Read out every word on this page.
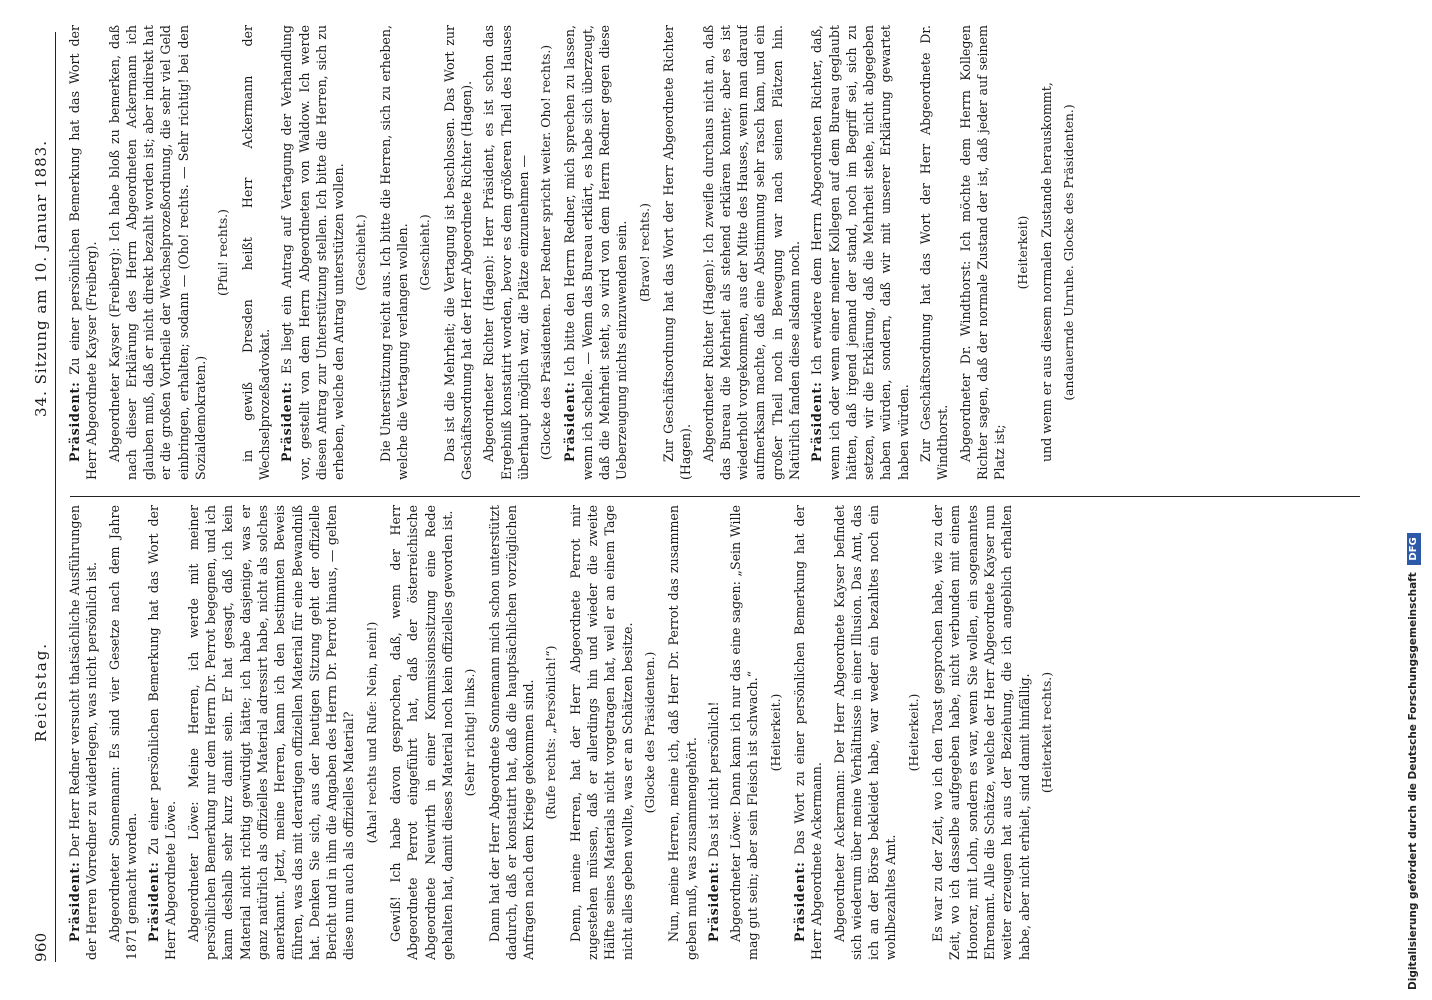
960
Reichstag.
34. Sitzung am 10. Januar 1883.
Präsident: Der Herr Redner versucht thatsächliche Ausführungen der Herren Vorredner zu widerlegen, was nicht persönlich ist. Abgeordneter Sonnemann: Es sind vier Gesetze nach dem Jahre 1871 gemacht worden. Präsident: Zu einer persönlichen Bemerkung hat das Wort der Herr Abgeordnete Löwe. Abgeordneter Löwe: Meine Herren, ich werde mit meiner persönlichen Bemerkung nur dem Herrn Dr. Perrot begegnen, und ich kann deshalb sehr kurz damit sein. Er hat gesagt, daß ich kein Material nicht richtig gewürdigt hätte; ich habe dasjenige, was er ganz natürlich als offizielles Material adressirt habe, nicht als solches anerkannt. Jetzt, meine Herren, kann ich den bestimmten Beweis führen, was das mit derartigen offiziellen Material für eine Bewandniß hat. Denken Sie sich, aus der heutigen Sitzung geht der offizielle Bericht und in ihm die Angaben des Herrn Dr. Perrot hinaus, — gelten diese nun auch als offizielles Material? (Aha! rechts und Rufe: Nein, nein!) Gewiß! Ich habe davon gesprochen, daß, wenn der Herr Abgeordnete Perrot eingeführt hat, daß der österreichische Abgeordnete Neuwirth in einer Kommissionssitzung eine Rede gehalten hat, damit dieses Material noch kein offizielles geworden ist. (Sehr richtig! links.) Dann hat der Herr Abgeordnete Sonnemann mich schon unterstützt dadurch, daß er konstatirt hat, daß die hauptsächlichen vorzüglichen Anfragen nach dem Kriege gekommen sind. (Rufe rechts: „Persönlich!“) Denn, meine Herren, hat der Herr Abgeordnete Perrot mir zugestehen müssen, daß er allerdings hin und wieder die zweite Hälfte seines Materials nicht vorgetragen hat, weil er an einem Tage nicht alles geben wollte, was er an Schätzen besitze. (Glocke des Präsidenten.) Nun, meine Herren, meine ich, daß Herr Dr. Perrot das zusammen geben muß, was zusammengehört. Präsident: Das ist nicht persönlich! Abgeordneter Löwe: Dann kann ich nur das eine sagen: „Sein Wille mag gut sein; aber sein Fleisch ist schwach.“ (Heiterkeit.)
Präsident: Das Wort zu einer persönlichen Bemerkung hat der Herr Abgeordnete Ackermann. Abgeordneter Ackermann: Der Herr Abgeordnete Kayser befindet sich wiederum über meine Verhältnisse in einer Illusion. Das Amt, das ich an der Börse bekleidet habe, war weder ein bezahltes noch ein wohlbezahltes Amt.
(Heiterkeit.) Es war zu der Zeit, wo ich den Toast gesprochen habe, wie zu der Zeit, wo ich dasselbe aufgegeben habe, nicht verbunden mit einem Honorar, mit Lohn, sondern es war, wenn Sie wollen, ein sogenanntes Ehrenamt. Alle die Schätze, welche der Herr Abgeordnete Kayser nun weiter erzeugen hat aus der Beziehung, die ich angeblich erhalten habe, aber nicht erhielt, sind damit hinfällig. (Heiterkeit rechts.)
Präsident: Zu einer persönlichen Bemerkung hat das Wort der Herr Abgeordnete Kayser (Freiberg). Abgeordneter Kayser (Freiberg): Ich habe bloß zu bemerken, daß nach dieser Erklärung des Herrn Abgeordneten Ackermann ich glauben muß, daß er nicht direkt bezahlt worden ist; aber indirekt hat er die großen Vortheile der Wechselprozeßordnung, die sehr viel Geld einbringen, erhalten; sodann — (Oho! rechts. — Sehr richtig! bei den Sozialdemokraten.)
(Pfui! rechts.) in gewiß Dresden heißt Herr Ackermann der Wechselprozeßadvokat. Präsident: Es liegt ein Antrag auf Vertagung der Verhandlung vor, gestellt von dem Herrn Abgeordneten von Waldow. Ich werde diesen Antrag zur Unterstützung stellen. Ich bitte die Herren, sich zu erheben, welche den Antrag unterstützen wollen. (Geschieht.) Die Unterstützung reicht aus. Ich bitte die Herren, sich zu erheben, welche die Vertagung verlangen wollen. (Geschieht.) Das ist die Mehrheit; die Vertagung ist beschlossen. Das Wort zur Geschäftsordnung hat der Herr Abgeordnete Richter (Hagen). Abgeordneter Richter (Hagen): Herr Präsident, es ist schon das Ergebniß konstatirt worden, bevor es dem größeren Theil des Hauses überhaupt möglich war, die Plätze einzunehmen — (Glocke des Präsidenten. Der Redner spricht weiter. Oho! rechts.) Präsident: Ich bitte den Herrn Redner, mich sprechen zu lassen, wenn ich schelle. — Wenn das Bureau erklärt, es habe sich überzeugt, daß die Mehrheit steht, so wird von dem Herrn Redner gegen diese Ueberzeugung nichts einzuwenden sein. (Bravo! rechts.) Zur Geschäftsordnung hat das Wort der Herr Abgeordnete Richter (Hagen). Abgeordneter Richter (Hagen): Ich zweifle durchaus nicht an, daß das Bureau die Mehrheit als stehend erklären konnte; aber es ist wiederholt vorgekommen, aus der Mitte des Hauses, wenn man darauf aufmerksam machte, daß eine Abstimmung sehr rasch kam, und ein großer Theil noch in Bewegung war nach seinen Plätzen hin. Natürlich fanden diese alsdann noch. Präsident: Ich erwidere dem Herrn Abgeordneten Richter, daß, wenn ich oder wenn einer meiner Kollegen auf dem Bureau geglaubt hätten, daß irgend jemand der stand, noch im Begriff sei, sich zu setzen, wir die Erklärung, daß die Mehrheit stehe, nicht abgegeben haben würden, sondern, daß wir mit unserer Erklärung gewartet haben würden. Zur Geschäftsordnung hat das Wort der Herr Abgeordnete Dr. Windthorst. Abgeordneter Dr. Windthorst: Ich möchte dem Herrn Kollegen Richter sagen, daß der normale Zustand der ist, daß jeder auf seinem Platz ist;
(Heiterkeit) und wenn er aus diesem normalen Zustande herauskommt, (andauernde Unruhe. Glocke des Präsidenten.)
Digitalisierung gefördert durch die Deutsche Forschungsgemeinschaft DFG
